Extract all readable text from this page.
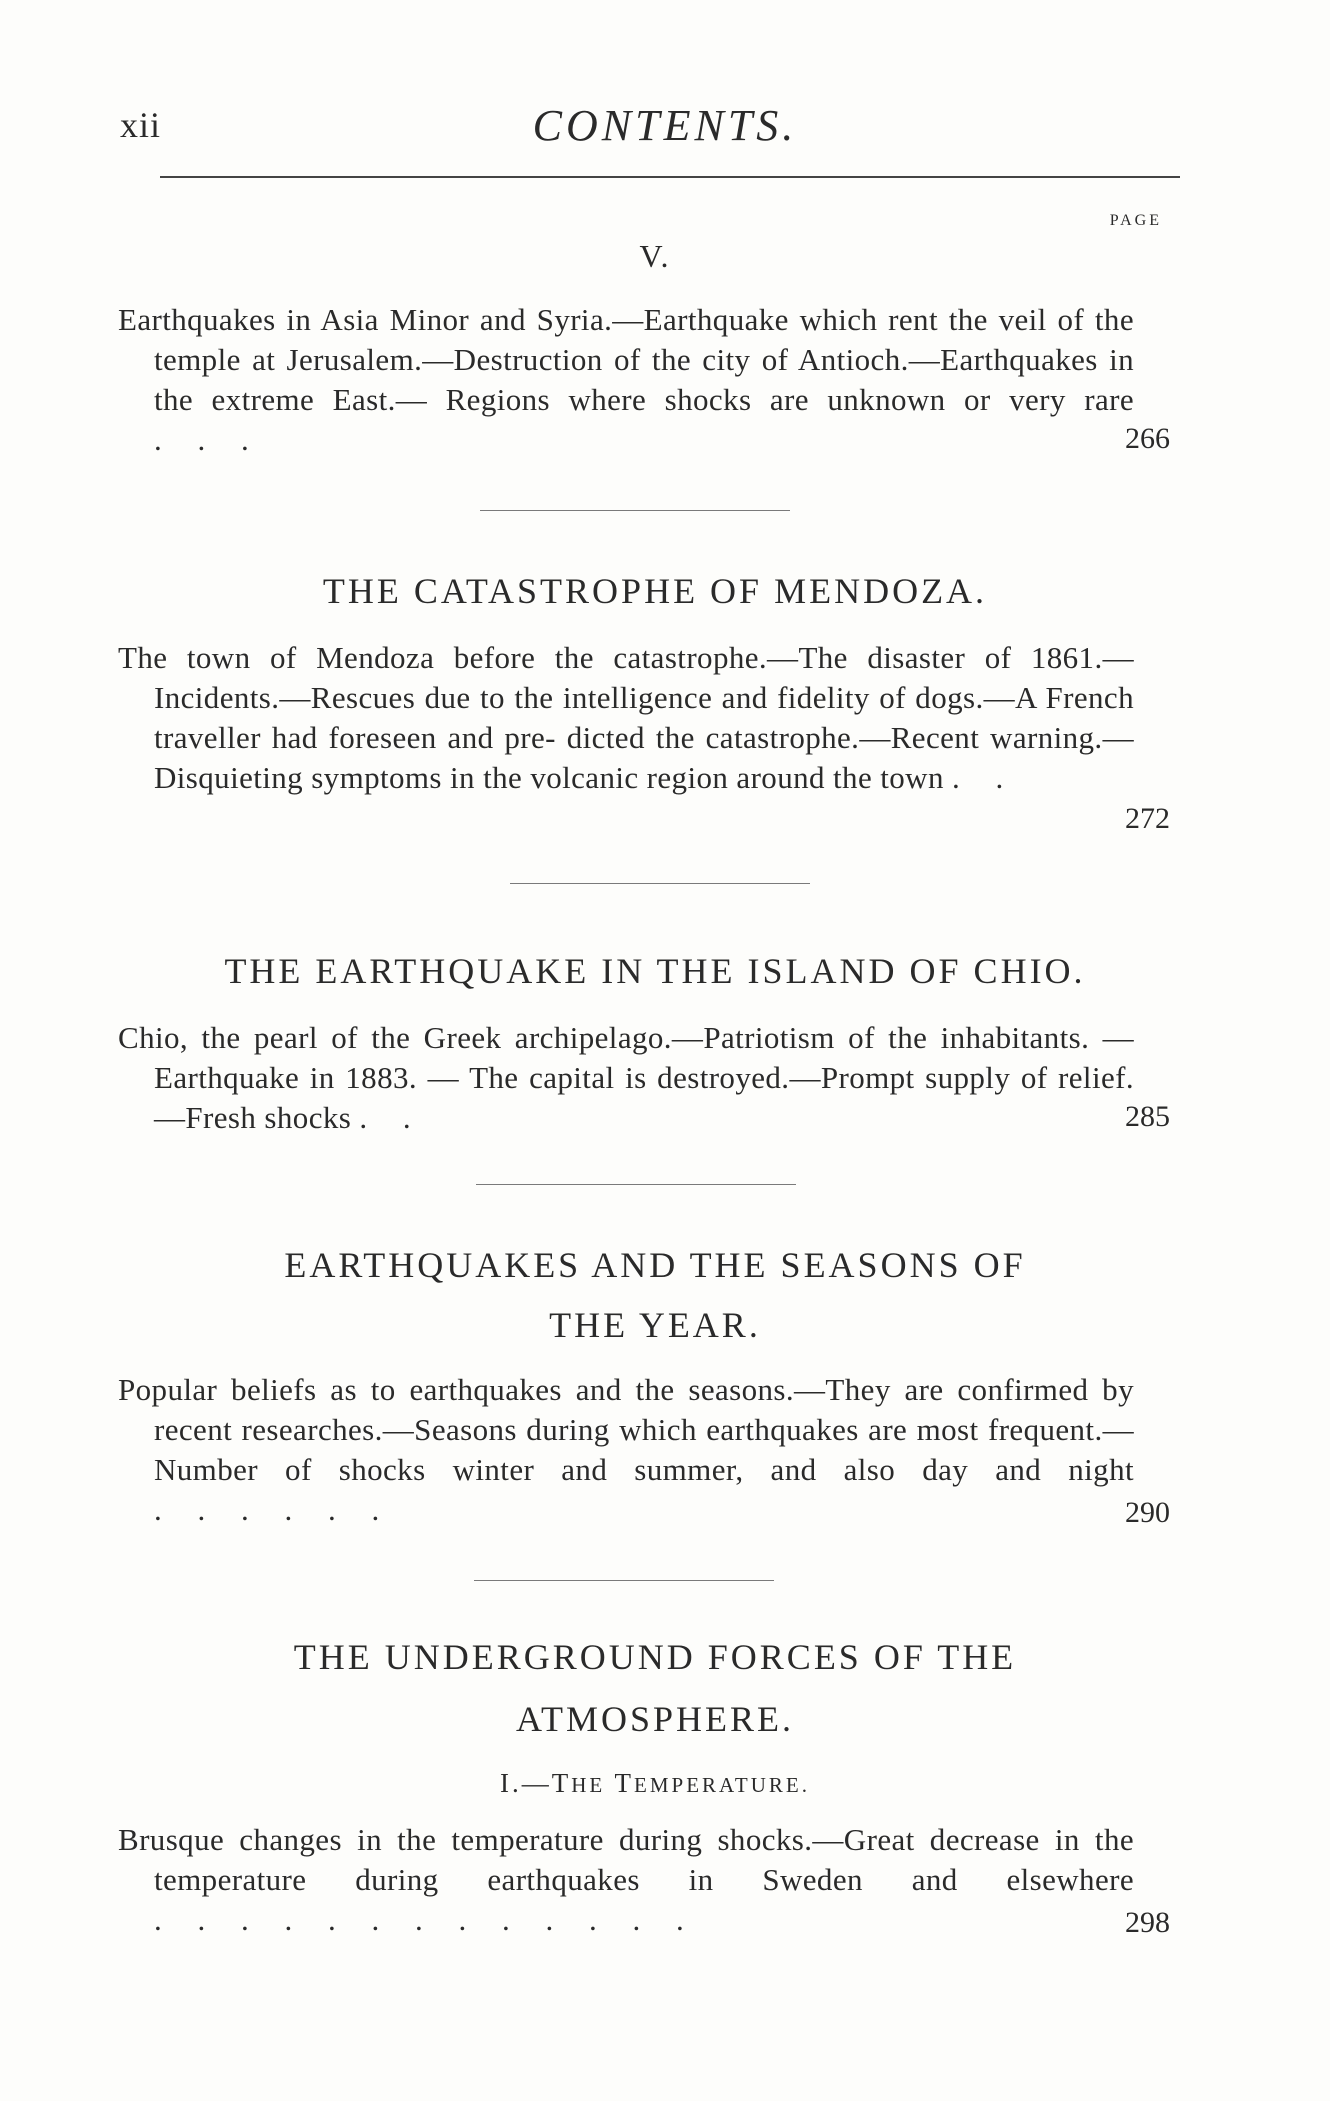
xii	CONTENTS.
PAGE
V.
Earthquakes in Asia Minor and Syria.—Earthquake which rent the veil of the temple at Jerusalem.—Destruction of the city of Antioch.—Earthquakes in the extreme East.— Regions where shocks are unknown or very rare . . .	266
THE CATASTROPHE OF MENDOZA.
The town of Mendoza before the catastrophe.—The disaster of 1861.—Incidents.—Rescues due to the intelligence and fidelity of dogs.—A French traveller had foreseen and pre- dicted the catastrophe.—Recent warning.—Disquieting symptoms in the volcanic region around the town . .
272
THE EARTHQUAKE IN THE ISLAND OF CHIO.
Chio, the pearl of the Greek archipelago.—Patriotism of the inhabitants. — Earthquake in 1883. — The capital is destroyed.—Prompt supply of relief.—Fresh shocks . .	285
EARTHQUAKES AND THE SEASONS OF
THE YEAR.
Popular beliefs as to earthquakes and the seasons.—They are confirmed by recent researches.—Seasons during which earthquakes are most frequent.—Number of shocks winter and summer, and also day and night . . . . . .	290
THE UNDERGROUND FORCES OF THE
ATMOSPHERE.
I.—THE TEMPERATURE.
Brusque changes in the temperature during shocks.—Great decrease in the temperature during earthquakes in Sweden and elsewhere . . . . . . . . . . . . .	298
